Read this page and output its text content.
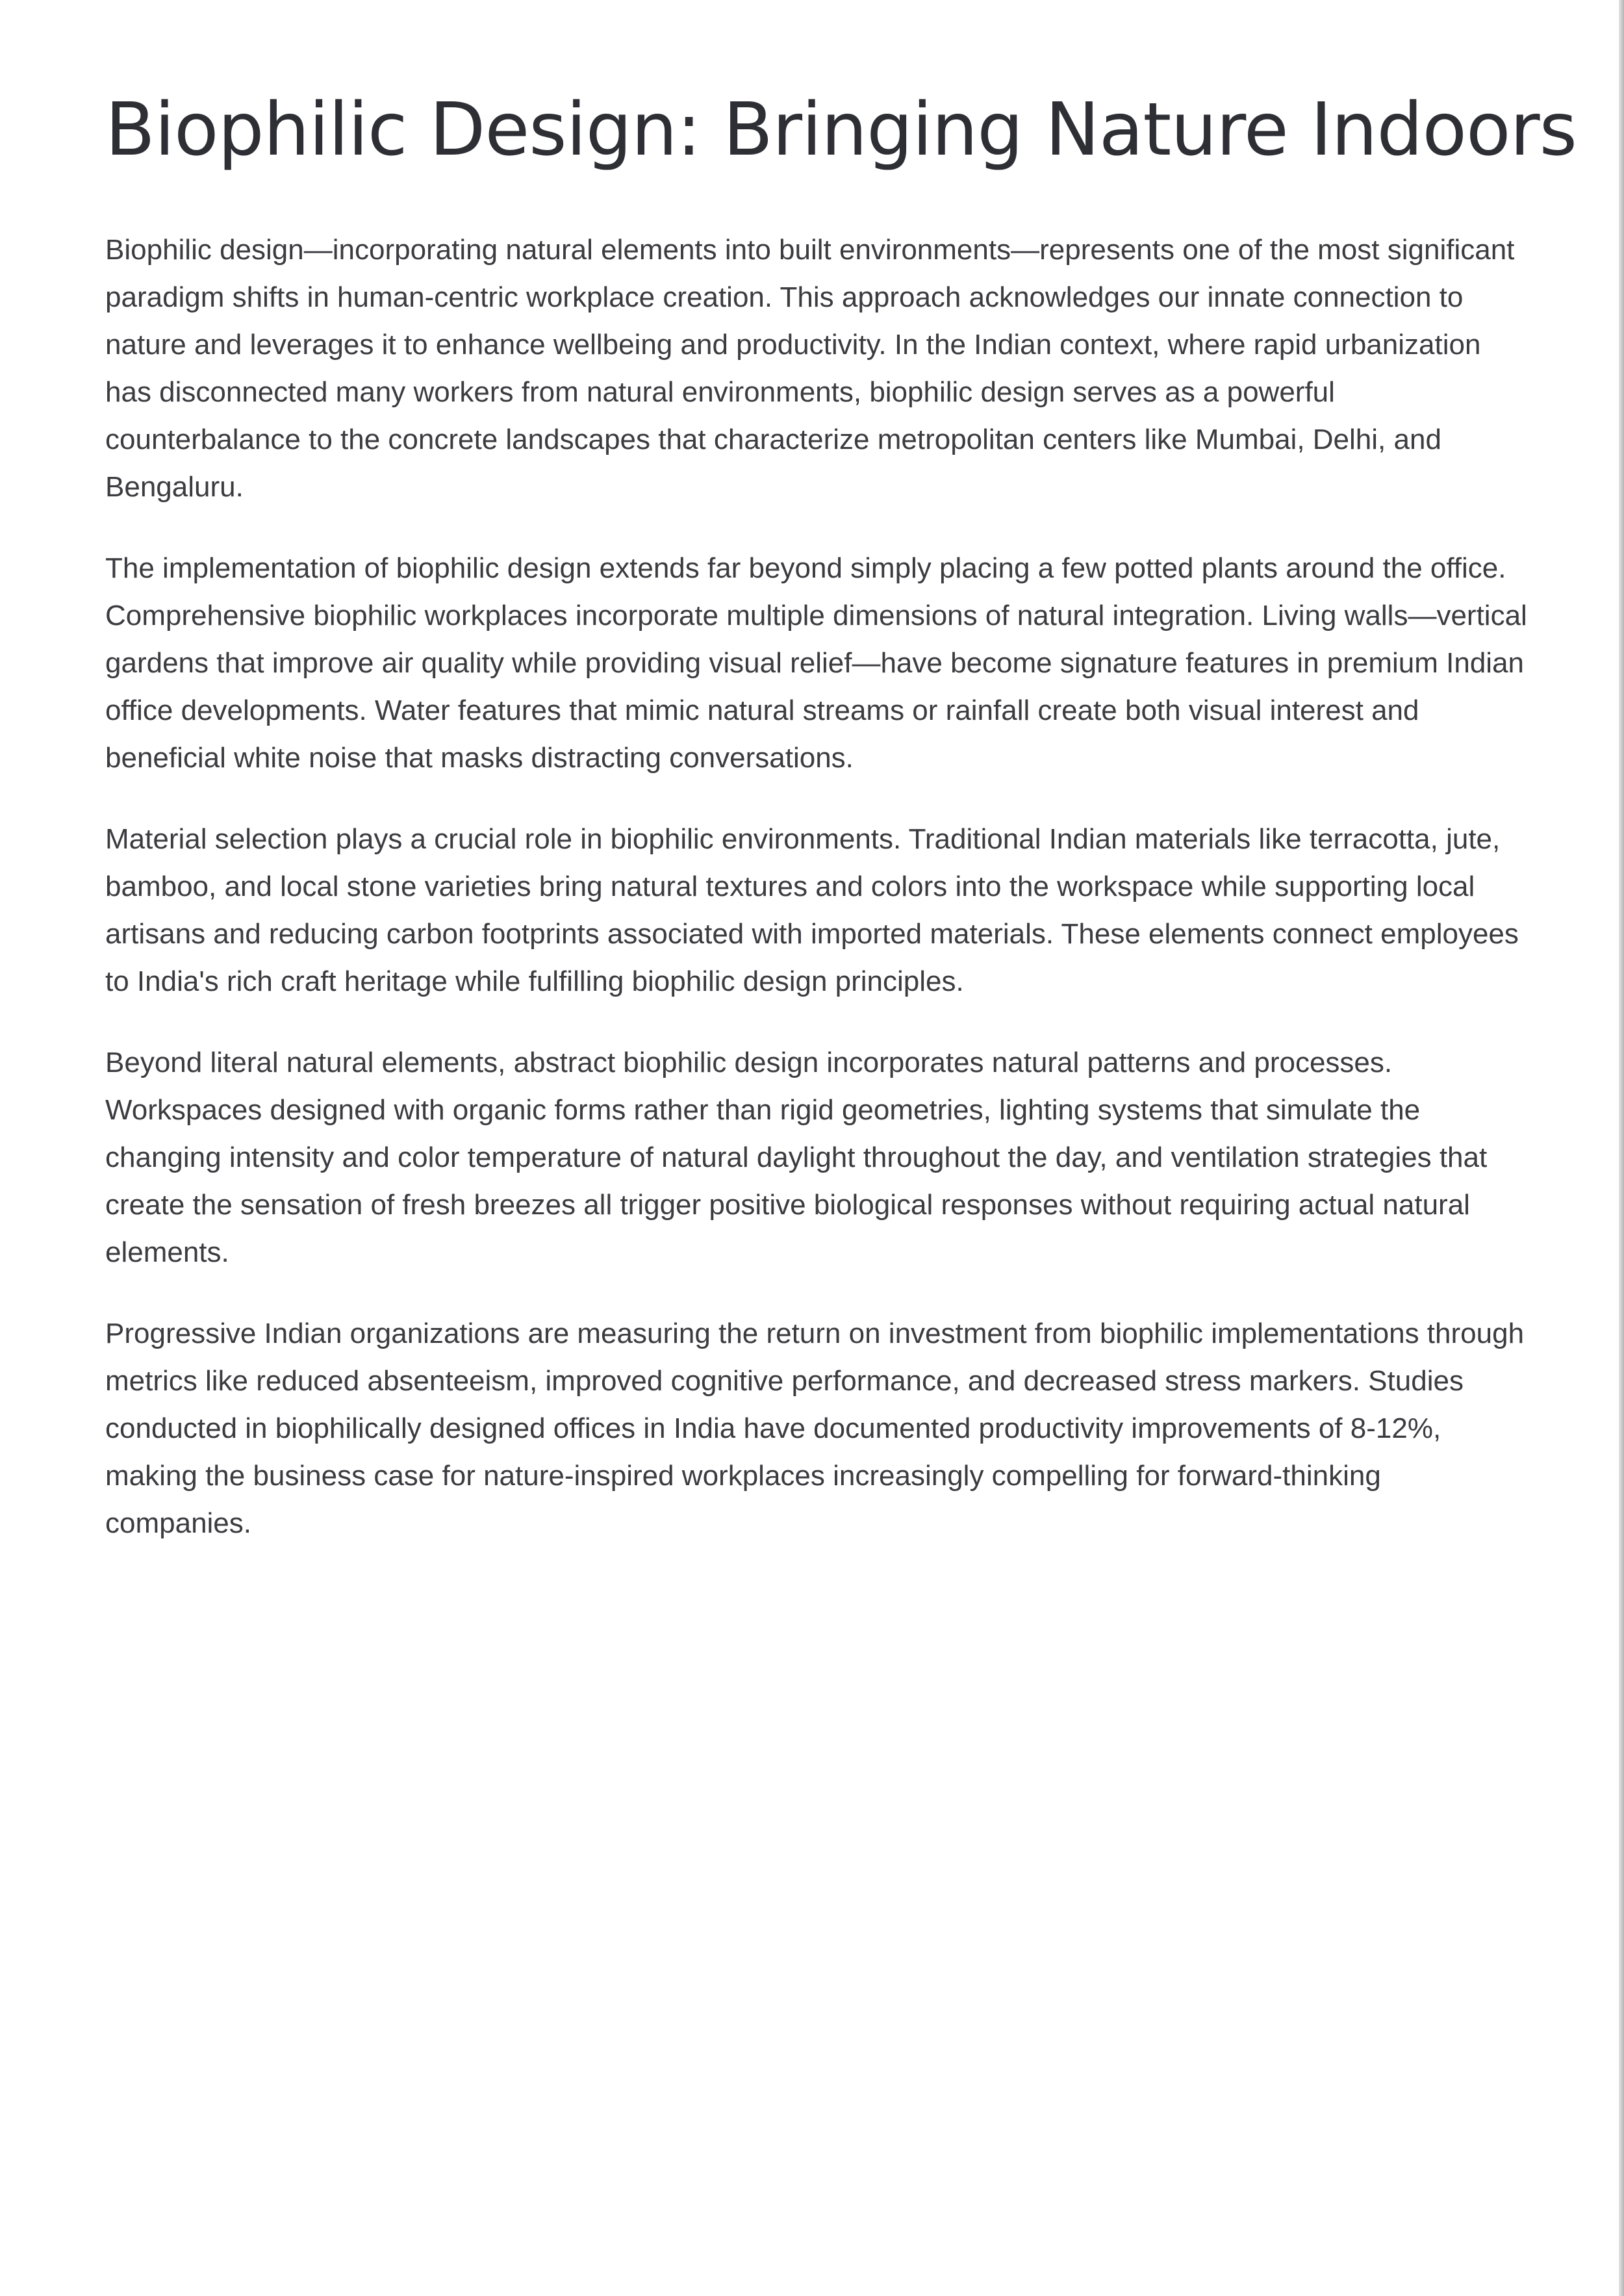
Biophilic Design: Bringing Nature Indoors

Biophilic design—incorporating natural elements into built environments—represents one of the most significant paradigm shifts in human-centric workplace creation. This approach acknowledges our innate connection to nature and leverages it to enhance wellbeing and productivity. In the Indian context, where rapid urbanization has disconnected many workers from natural environments, biophilic design serves as a powerful counterbalance to the concrete landscapes that characterize metropolitan centers like Mumbai, Delhi, and Bengaluru.

The implementation of biophilic design extends far beyond simply placing a few potted plants around the office. Comprehensive biophilic workplaces incorporate multiple dimensions of natural integration. Living walls—vertical gardens that improve air quality while providing visual relief—have become signature features in premium Indian office developments. Water features that mimic natural streams or rainfall create both visual interest and beneficial white noise that masks distracting conversations.

Material selection plays a crucial role in biophilic environments. Traditional Indian materials like terracotta, jute, bamboo, and local stone varieties bring natural textures and colors into the workspace while supporting local artisans and reducing carbon footprints associated with imported materials. These elements connect employees to India's rich craft heritage while fulfilling biophilic design principles.

Beyond literal natural elements, abstract biophilic design incorporates natural patterns and processes. Workspaces designed with organic forms rather than rigid geometries, lighting systems that simulate the changing intensity and color temperature of natural daylight throughout the day, and ventilation strategies that create the sensation of fresh breezes all trigger positive biological responses without requiring actual natural elements.

Progressive Indian organizations are measuring the return on investment from biophilic implementations through metrics like reduced absenteeism, improved cognitive performance, and decreased stress markers. Studies conducted in biophilically designed offices in India have documented productivity improvements of 8-12%, making the business case for nature-inspired workplaces increasingly compelling for forward-thinking companies.
